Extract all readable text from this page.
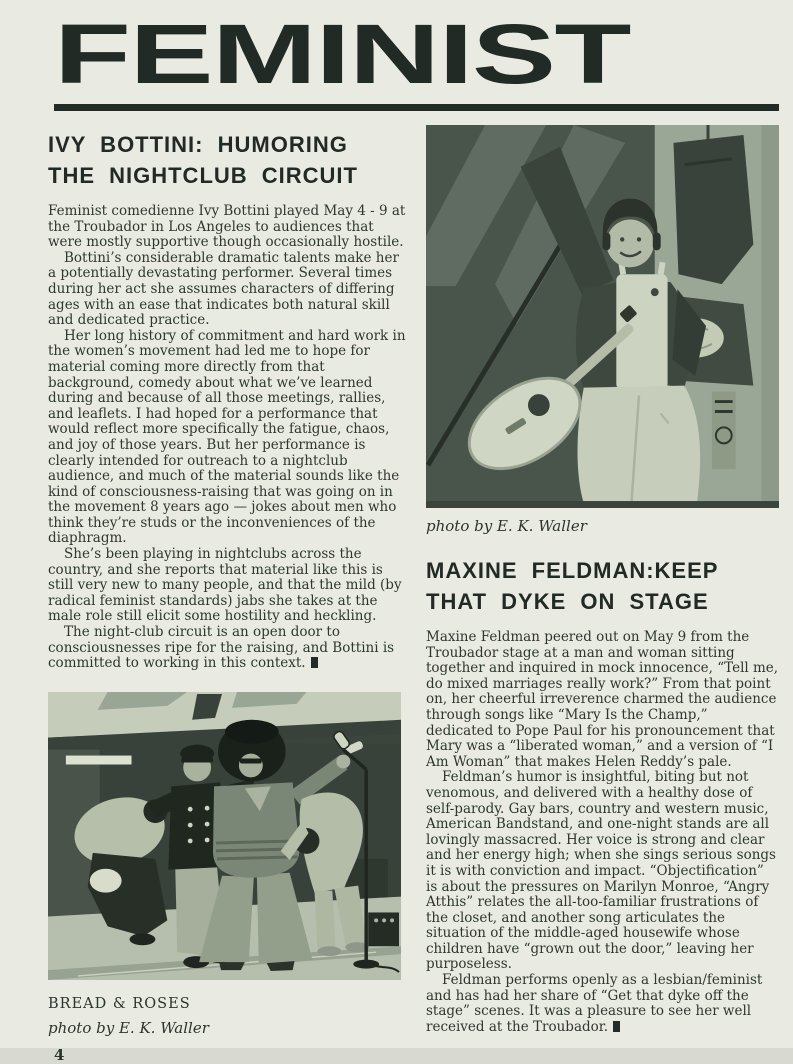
FEMINIST
IVY BOTTINI: HUMORING
THE NIGHTCLUB CIRCUIT

Feminist comedienne Ivy Bottini played May 4 - 9 at the Troubador in Los Angeles to audiences that were mostly supportive though occasionally hostile.

Bottini’s considerable dramatic talents make her a potentially devastating performer. Several times during her act she assumes characters of differing ages with an ease that indicates both natural skill and dedicated practice.

Her long history of commitment and hard work in the women’s movement had led me to hope for material coming more directly from that background, comedy about what we’ve learned during and because of all those meetings, rallies, and leaflets. I had hoped for a performance that would reflect more specifically the fatigue, chaos, and joy of those years. But her performance is clearly intended for outreach to a nightclub audience, and much of the material sounds like the kind of consciousness-raising that was going on in the movement 8 years ago — jokes about men who think they’re studs or the inconveniences of the diaphragm.

She’s been playing in nightclubs across the country, and she reports that material like this is still very new to many people, and that the mild (by radical feminist standards) jabs she takes at the male role still elicit some hostility and heckling.

The night-club circuit is an open door to consciousnesses ripe for the raising, and Bottini is committed to working in this context.

BREAD & ROSES
photo by E. K. Waller
4
photo by E. K. Waller
MAXINE FELDMAN:KEEP
THAT DYKE ON STAGE

Maxine Feldman peered out on May 9 from the Troubador stage at a man and woman sitting together and inquired in mock innocence, “Tell me, do mixed marriages really work?” From that point on, her cheerful irreverence charmed the audience through songs like “Mary Is the Champ,” dedicated to Pope Paul for his pronouncement that Mary was a “liberated woman,” and a version of “I Am Woman” that makes Helen Reddy’s pale.

Feldman’s humor is insightful, biting but not venomous, and delivered with a healthy dose of self-parody. Gay bars, country and western music, American Bandstand, and one-night stands are all lovingly massacred. Her voice is strong and clear and her energy high; when she sings serious songs it is with conviction and impact. “Objectification” is about the pressures on Marilyn Monroe, “Angry Atthis” relates the all-too-familiar frustrations of the closet, and another song articulates the situation of the middle-aged housewife whose children have “grown out the door,” leaving her purposeless.

Feldman performs openly as a lesbian/feminist and has had her share of “Get that dyke off the stage” scenes. It was a pleasure to see her well received at the Troubador.
